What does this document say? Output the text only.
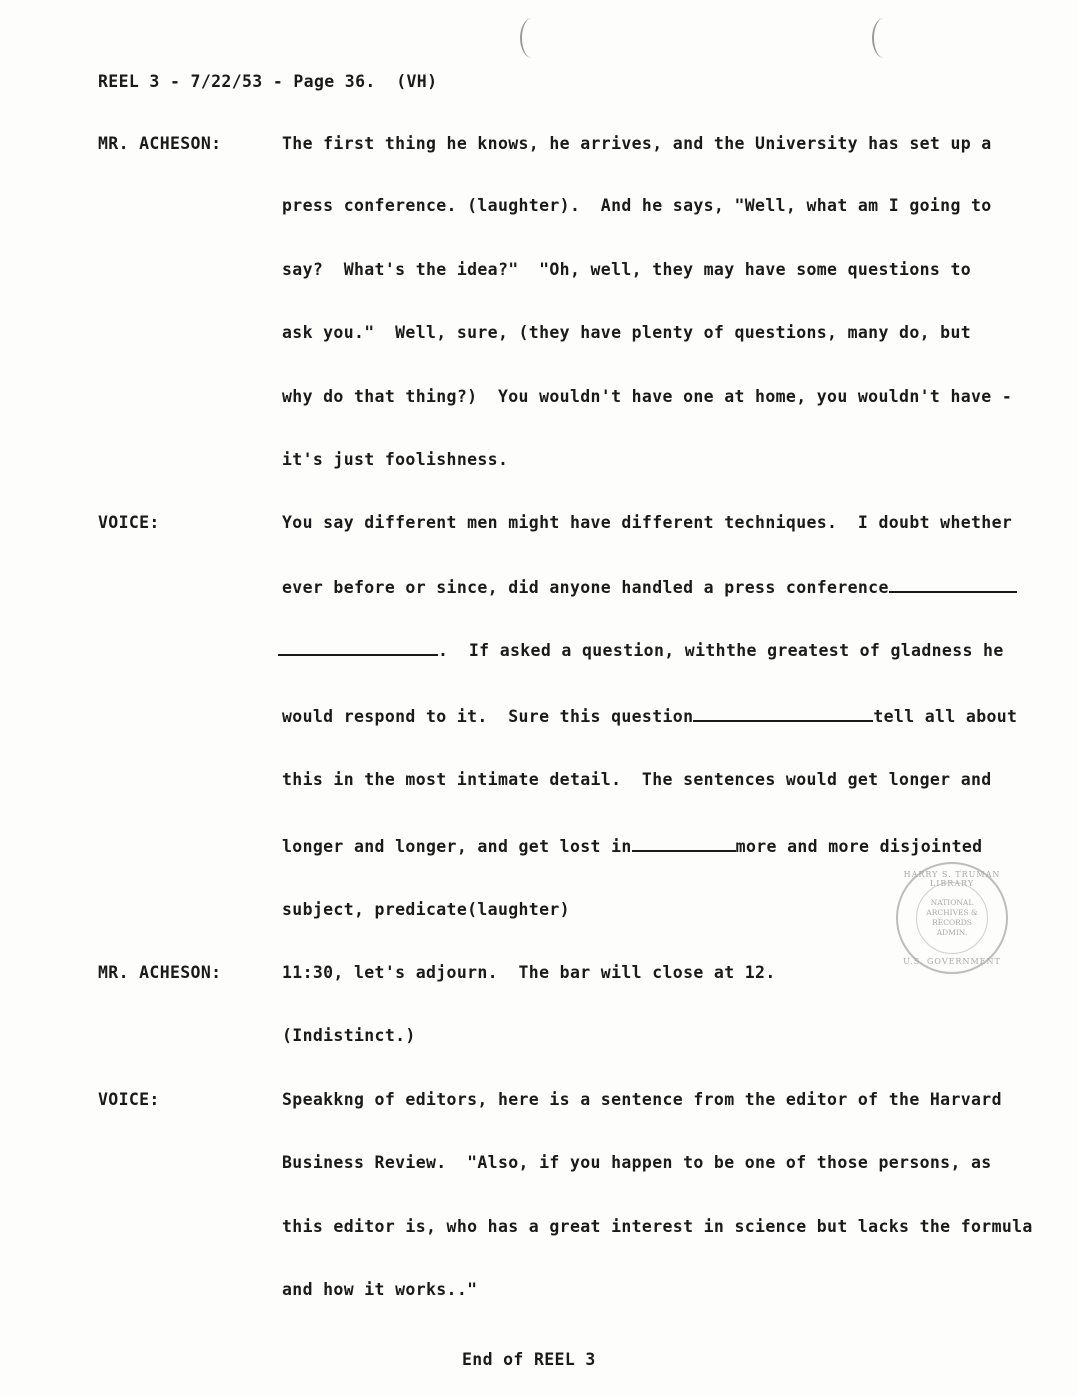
REEL 3 - 7/22/53 - Page 36.  (VH)
MR. ACHESON:	The first thing he knows, he arrives, and the University has set up a
press conference. (laughter).  And he says, "Well, what am I going to
say?  What's the idea?"  "Oh, well, they may have some questions to
ask you."  Well, sure, (they have plenty of questions, many do, but
why do that thing?)  You wouldn't have one at home, you wouldn't have -
it's just foolishness.
VOICE:	You say different men might have different techniques.  I doubt whether
ever before or since, did anyone handled a press conference
.  If asked a question, withthe greatest of gladness he
would respond to it.  Sure this question	tell all about
this in the most intimate detail.  The sentences would get longer and
longer and longer, and get lost in	more and more disjointed
subject, predicate(laughter)
MR. ACHESON:	11:30, let's adjourn.  The bar will close at 12.
(Indistinct.)
VOICE:	Speakkng of editors, here is a sentence from the editor of the Harvard
Business Review.  "Also, if you happen to be one of those persons, as
this editor is, who has a great interest in science but lacks the formula
and how it works.."
End of REEL 3
HARRY S. TRUMAN LIBRARY
NATIONAL
ARCHIVES &
RECORDS
ADMIN.
U.S. GOVERNMENT
